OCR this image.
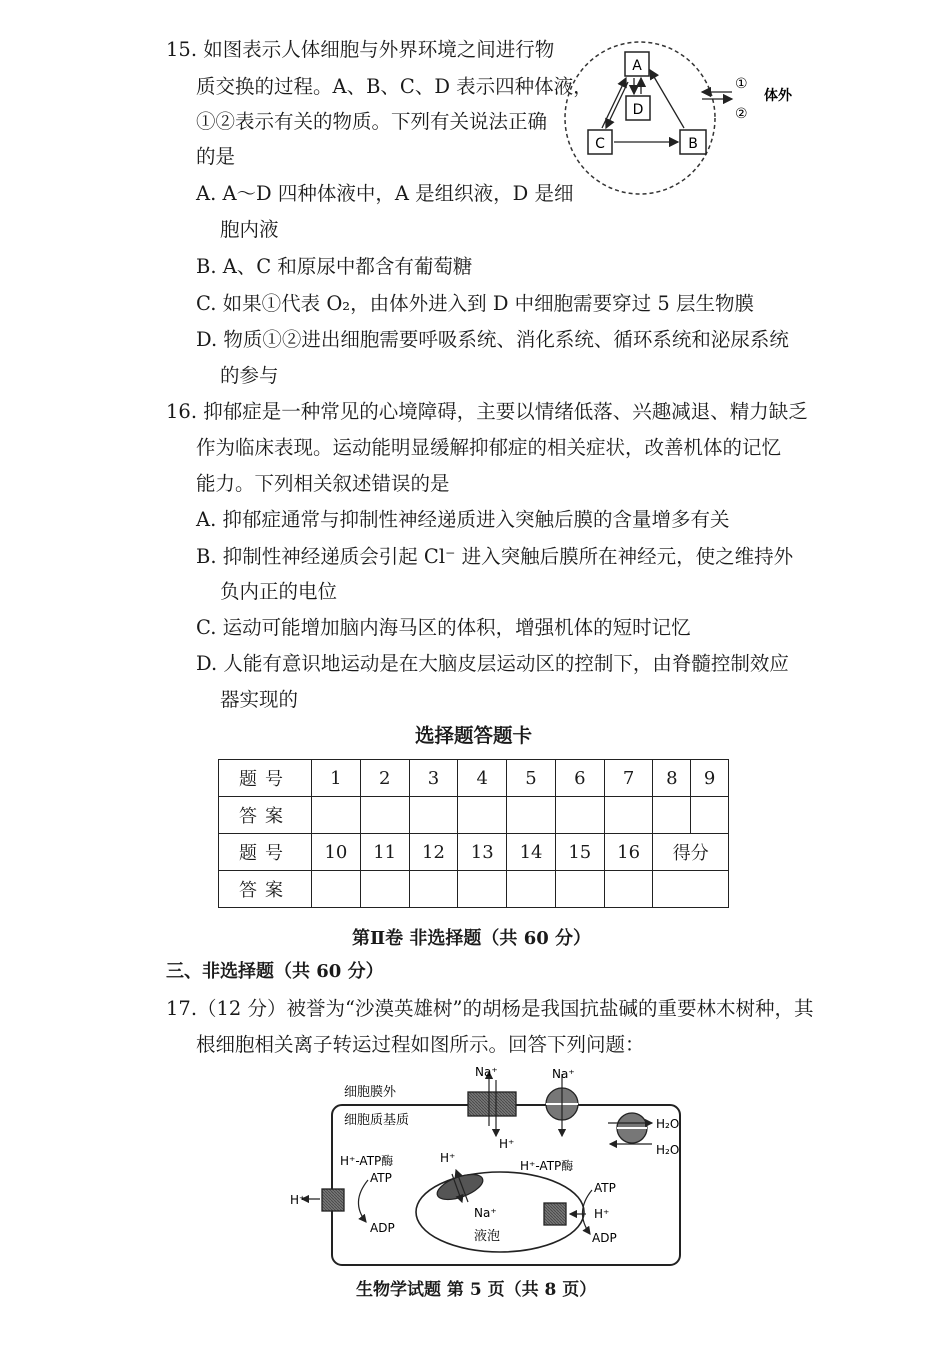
15. 如图表示人体细胞与外界环境之间进行物
质交换的过程。A、B、C、D 表示四种体液，
①②表示有关的物质。下列有关说法正确
的是
A. A～D 四种体液中，A 是组织液，D 是细
胞内液
B. A、C 和原尿中都含有葡萄糖
C. 如果①代表 O₂，由体外进入到 D 中细胞需要穿过 5 层生物膜
D. 物质①②进出细胞需要呼吸系统、消化系统、循环系统和泌尿系统
的参与
A
D
C	B
①
②
体外
16. 抑郁症是一种常见的心境障碍，主要以情绪低落、兴趣减退、精力缺乏
作为临床表现。运动能明显缓解抑郁症的相关症状，改善机体的记忆
能力。下列相关叙述错误的是
A. 抑郁症通常与抑制性神经递质进入突触后膜的含量增多有关
B. 抑制性神经递质会引起 Cl⁻ 进入突触后膜所在神经元，使之维持外
负内正的电位
C. 运动可能增加脑内海马区的体积，增强机体的短时记忆
D. 人能有意识地运动是在大脑皮层运动区的控制下，由脊髓控制效应
器实现的
选择题答题卡
题号	1	2	3	4	5	6	7	8	9
答案									
题号	10	11	12	13	14	15	16	得分	
答案									
第Ⅱ卷 非选择题（共 60 分）
三、非选择题（共 60 分）
17.（12 分）被誉为“沙漠英雄树”的胡杨是我国抗盐碱的重要林木树种，其
根细胞相关离子转运过程如图所示。回答下列问题：
细胞膜外
细胞质基质
Na⁺
H⁺
Na⁺
H₂O
H₂O
H⁺
H⁺-ATP酶
ATP
ADP
液泡
H⁺
Na⁺
H⁺-ATP酶
ATP
H⁺
ADP
生物学试题 第 5 页（共 8 页）
